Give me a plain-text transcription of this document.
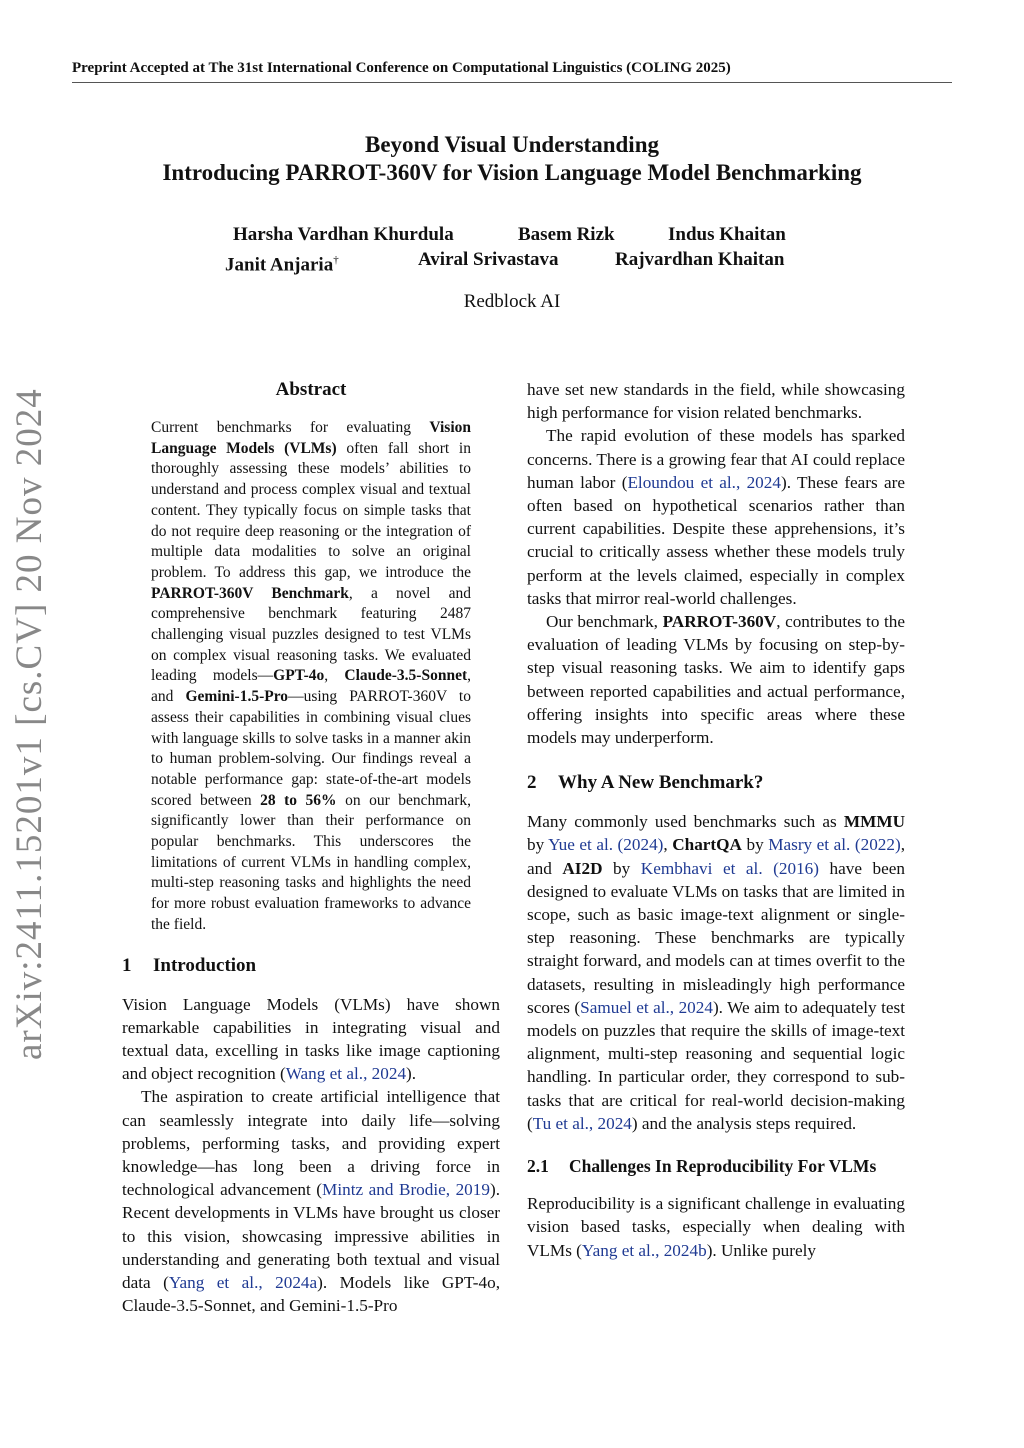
Preprint Accepted at The 31st International Conference on Computational Linguistics (COLING 2025)
Beyond Visual Understanding
Introducing PARROT-360V for Vision Language Model Benchmarking
Harsha Vardhan Khurdula	Basem Rizk	Indus Khaitan
Janit Anjaria†	Aviral Srivastava	Rajvardhan Khaitan
Redblock AI
arXiv:2411.15201v1 [cs.CV] 20 Nov 2024	Abstract

Current benchmarks for evaluating Vision Language Models (VLMs) often fall short in thoroughly assessing these models’ abilities to understand and process complex visual and textual content. They typically focus on simple tasks that do not require deep reasoning or the integration of multiple data modalities to solve an original problem. To address this gap, we introduce the PARROT-360V Benchmark, a novel and comprehensive benchmark featuring 2487 challenging visual puzzles designed to test VLMs on complex visual reasoning tasks. We evaluated leading models—GPT-4o, Claude-3.5-Sonnet, and Gemini-1.5-Pro—using PARROT-360V to assess their capabilities in combining visual clues with language skills to solve tasks in a manner akin to human problem-solving. Our findings reveal a notable performance gap: state-of-the-art models scored between 28 to 56% on our benchmark, significantly lower than their performance on popular benchmarks. This underscores the limitations of current VLMs in handling complex, multi-step reasoning tasks and highlights the need for more robust evaluation frameworks to advance the field.

1 Introduction

Vision Language Models (VLMs) have shown remarkable capabilities in integrating visual and textual data, excelling in tasks like image captioning and object recognition (Wang et al., 2024).

The aspiration to create artificial intelligence that can seamlessly integrate into daily life—solving problems, performing tasks, and providing expert knowledge—has long been a driving force in technological advancement (Mintz and Brodie, 2019). Recent developments in VLMs have brought us closer to this vision, showcasing impressive abilities in understanding and generating both textual and visual data (Yang et al., 2024a). Models like GPT-4o, Claude-3.5-Sonnet, and Gemini-1.5-Pro

have set new standards in the field, while showcasing high performance for vision related benchmarks.

The rapid evolution of these models has sparked concerns. There is a growing fear that AI could replace human labor (Eloundou et al., 2024). These fears are often based on hypothetical scenarios rather than current capabilities. Despite these apprehensions, it’s crucial to critically assess whether these models truly perform at the levels claimed, especially in complex tasks that mirror real-world challenges.

Our benchmark, PARROT-360V, contributes to the evaluation of leading VLMs by focusing on step-by-step visual reasoning tasks. We aim to identify gaps between reported capabilities and actual performance, offering insights into specific areas where these models may underperform.

2 Why A New Benchmark?

Many commonly used benchmarks such as MMMU by Yue et al. (2024), ChartQA by Masry et al. (2022), and AI2D by Kembhavi et al. (2016) have been designed to evaluate VLMs on tasks that are limited in scope, such as basic image-text alignment or single-step reasoning. These benchmarks are typically straight forward, and models can at times overfit to the datasets, resulting in misleadingly high performance scores (Samuel et al., 2024). We aim to adequately test models on puzzles that require the skills of image-text alignment, multi-step reasoning and sequential logic handling. In particular order, they correspond to sub-tasks that are critical for real-world decision-making (Tu et al., 2024) and the analysis steps required.

2.1 Challenges In Reproducibility For VLMs

Reproducibility is a significant challenge in evaluating vision based tasks, especially when dealing with VLMs (Yang et al., 2024b). Unlike purely
